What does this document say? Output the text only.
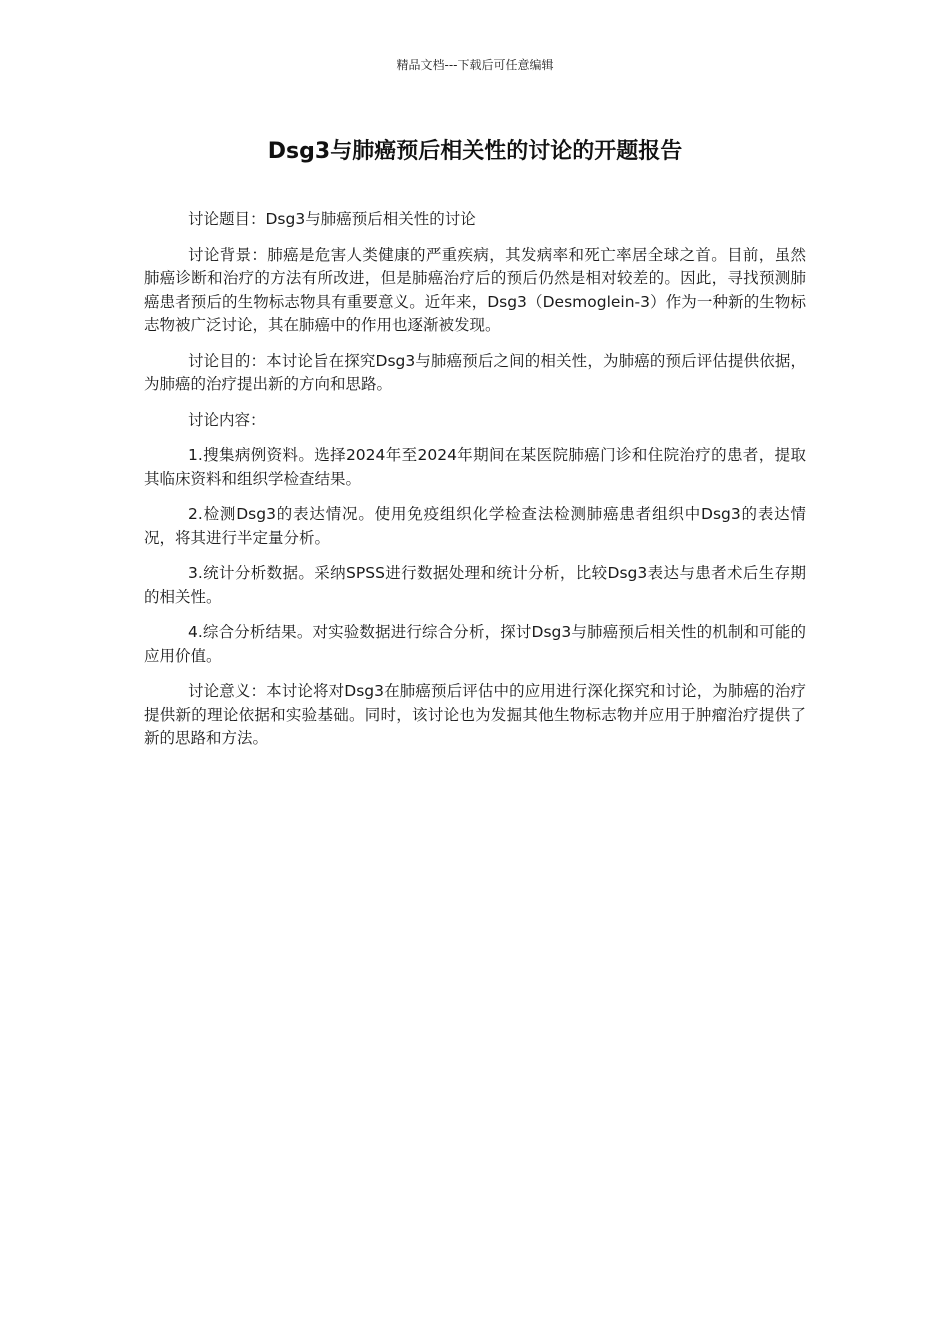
精品文档---下载后可任意编辑
Dsg3与肺癌预后相关性的讨论的开题报告

讨论题目：Dsg3与肺癌预后相关性的讨论

讨论背景：肺癌是危害人类健康的严重疾病，其发病率和死亡率居全球之首。目前，虽然肺癌诊断和治疗的方法有所改进，但是肺癌治疗后的预后仍然是相对较差的。因此，寻找预测肺癌患者预后的生物标志物具有重要意义。近年来，Dsg3（Desmoglein-3）作为一种新的生物标志物被广泛讨论，其在肺癌中的作用也逐渐被发现。

讨论目的：本讨论旨在探究Dsg3与肺癌预后之间的相关性，为肺癌的预后评估提供依据，为肺癌的治疗提出新的方向和思路。

讨论内容：

1.搜集病例资料。选择2024年至2024年期间在某医院肺癌门诊和住院治疗的患者，提取其临床资料和组织学检查结果。

2.检测Dsg3的表达情况。使用免疫组织化学检查法检测肺癌患者组织中Dsg3的表达情况，将其进行半定量分析。

3.统计分析数据。采纳SPSS进行数据处理和统计分析，比较Dsg3表达与患者术后生存期的相关性。

4.综合分析结果。对实验数据进行综合分析，探讨Dsg3与肺癌预后相关性的机制和可能的应用价值。

讨论意义：本讨论将对Dsg3在肺癌预后评估中的应用进行深化探究和讨论，为肺癌的治疗提供新的理论依据和实验基础。同时，该讨论也为发掘其他生物标志物并应用于肿瘤治疗提供了新的思路和方法。
